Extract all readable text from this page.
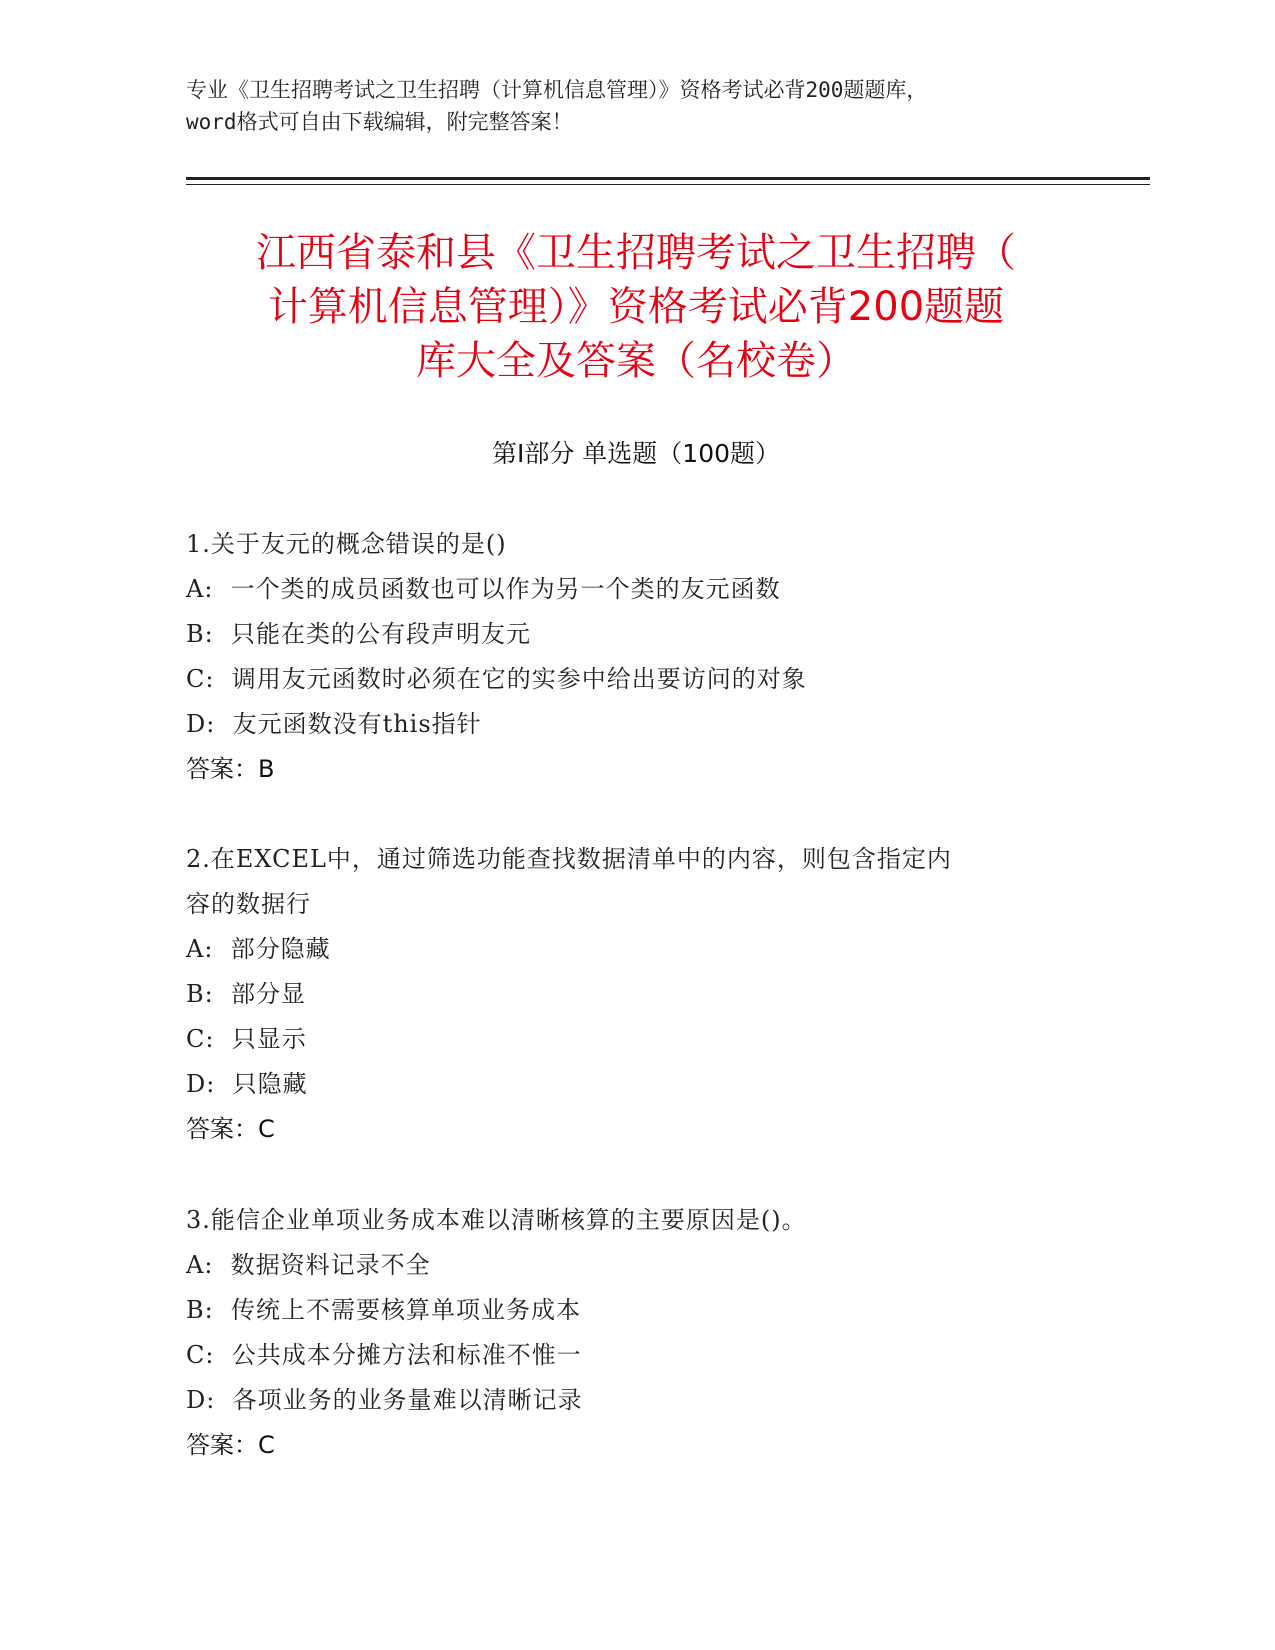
专业《卫生招聘考试之卫生招聘（计算机信息管理）》资格考试必背200题题库，
word格式可自由下载编辑，附完整答案！
江西省泰和县《卫生招聘考试之卫生招聘（
计算机信息管理）》资格考试必背200题题
库大全及答案（名校卷）
第Ⅰ部分 单选题（100题）
1.关于友元的概念错误的是()
A:  一个类的成员函数也可以作为另一个类的友元函数
B:  只能在类的公有段声明友元
C:  调用友元函数时必须在它的实参中给出要访问的对象
D:  友元函数没有this指针
答案：B
2.在EXCEL中，通过筛选功能查找数据清单中的内容，则包含指定内
容的数据行
A:  部分隐藏
B:  部分显
C:  只显示
D:  只隐藏
答案：C
3.能信企业单项业务成本难以清晰核算的主要原因是()。
A:  数据资料记录不全
B:  传统上不需要核算单项业务成本
C:  公共成本分摊方法和标准不惟一
D:  各项业务的业务量难以清晰记录
答案：C
